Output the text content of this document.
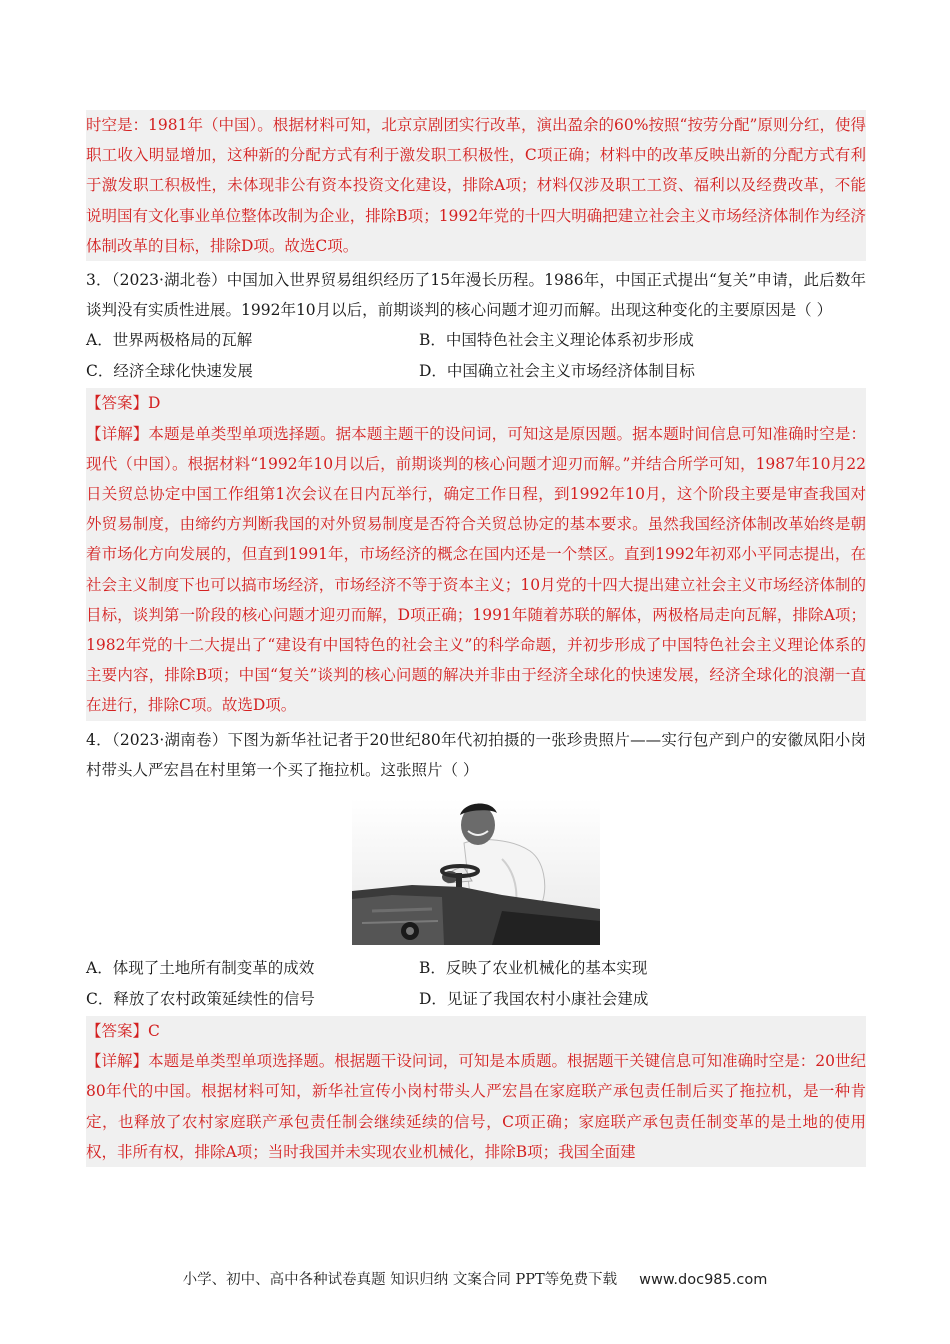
时空是：1981年（中国）。根据材料可知，北京京剧团实行改革，演出盈余的60%按照“按劳分配”原则分红，使得职工收入明显增加，这种新的分配方式有利于激发职工积极性，C项正确；材料中的改革反映出新的分配方式有利于激发职工积极性，未体现非公有资本投资文化建设，排除A项；材料仅涉及职工工资、福利以及经费改革，不能说明国有文化事业单位整体改制为企业，排除B项；1992年党的十四大明确把建立社会主义市场经济体制作为经济体制改革的目标，排除D项。故选C项。
3．（2023·湖北卷）中国加入世界贸易组织经历了15年漫长历程。1986年，中国正式提出“复关”申请，此后数年谈判没有实质性进展。1992年10月以后，前期谈判的核心问题才迎刃而解。出现这种变化的主要原因是（ ）
A．世界两极格局的瓦解	B．中国特色社会主义理论体系初步形成
C．经济全球化快速发展	D．中国确立社会主义市场经济体制目标
【答案】D
【详解】本题是单类型单项选择题。据本题主题干的设问词，可知这是原因题。据本题时间信息可知准确时空是：现代（中国）。根据材料“1992年10月以后，前期谈判的核心问题才迎刃而解。”并结合所学可知，1987年10月22日关贸总协定中国工作组第1次会议在日内瓦举行，确定工作日程，到1992年10月，这个阶段主要是审查我国对外贸易制度，由缔约方判断我国的对外贸易制度是否符合关贸总协定的基本要求。虽然我国经济体制改革始终是朝着市场化方向发展的，但直到1991年，市场经济的概念在国内还是一个禁区。直到1992年初邓小平同志提出，在社会主义制度下也可以搞市场经济，市场经济不等于资本主义；10月党的十四大提出建立社会主义市场经济体制的目标，谈判第一阶段的核心问题才迎刃而解，D项正确；1991年随着苏联的解体，两极格局走向瓦解，排除A项；1982年党的十二大提出了“建设有中国特色的社会主义”的科学命题，并初步形成了中国特色社会主义理论体系的主要内容，排除B项；中国“复关”谈判的核心问题的解决并非由于经济全球化的快速发展，经济全球化的浪潮一直在进行，排除C项。故选D项。
4．（2023·湖南卷）下图为新华社记者于20世纪80年代初拍摄的一张珍贵照片——实行包产到户的安徽凤阳小岗村带头人严宏昌在村里第一个买了拖拉机。这张照片（ ）
A．体现了土地所有制变革的成效	B．反映了农业机械化的基本实现
C．释放了农村政策延续性的信号	D．见证了我国农村小康社会建成
【答案】C
【详解】本题是单类型单项选择题。根据题干设问词，可知是本质题。根据题干关键信息可知准确时空是：20世纪80年代的中国。根据材料可知，新华社宣传小岗村带头人严宏昌在家庭联产承包责任制后买了拖拉机，是一种肯定，也释放了农村家庭联产承包责任制会继续延续的信号，C项正确；家庭联产承包责任制变革的是土地的使用权，非所有权，排除A项；当时我国并未实现农业机械化，排除B项；我国全面建
小学、初中、高中各种试卷真题 知识归纳 文案合同 PPT等免费下载 www.doc985.com
